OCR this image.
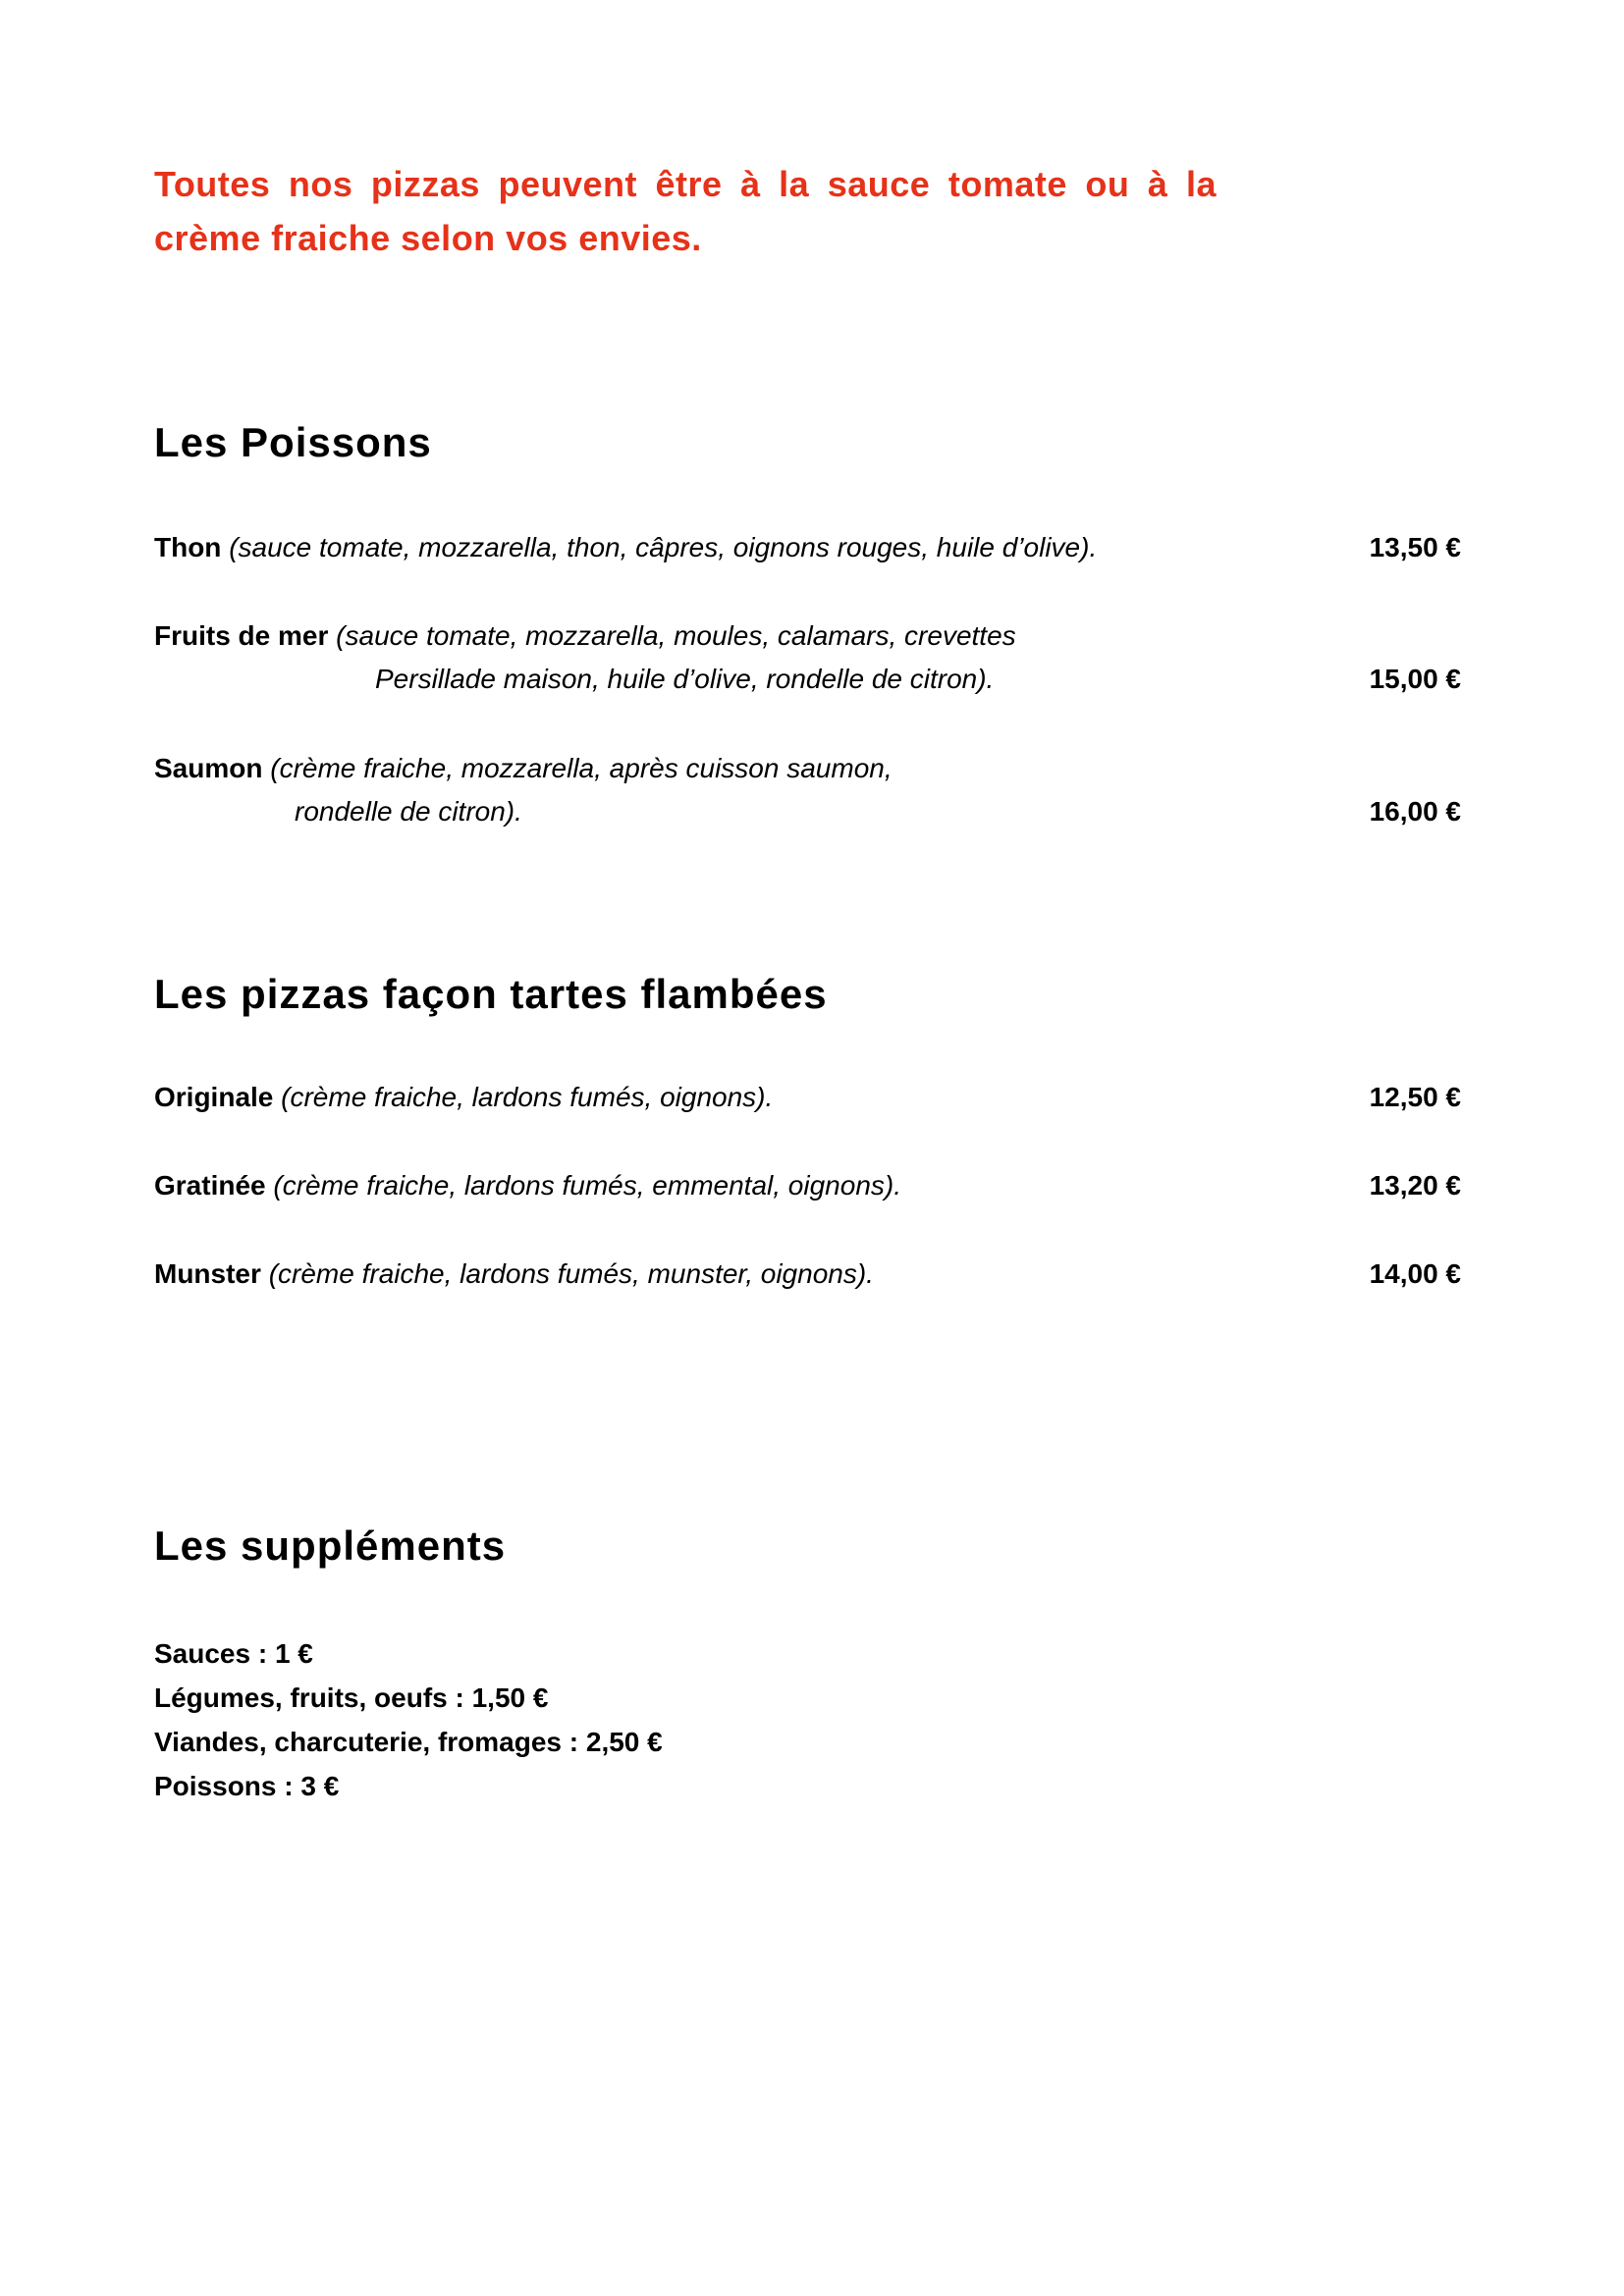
Toutes nos pizzas peuvent être à la sauce tomate ou à la crème fraiche selon vos envies.

Les Poissons
Thon (sauce tomate, mozzarella, thon, câpres, oignons rouges, huile d’olive).	13,50 €
Fruits de mer (sauce tomate, mozzarella, moules, calamars, crevettes
Persillade maison, huile d’olive, rondelle de citron).	15,00 €
Saumon (crème fraiche, mozzarella, après cuisson saumon,
rondelle de citron).	16,00 €
Les pizzas façon tartes flambées
Originale (crème fraiche, lardons fumés, oignons).	12,50 €
Gratinée (crème fraiche, lardons fumés, emmental, oignons).	13,20 €
Munster (crème fraiche, lardons fumés, munster, oignons).	14,00 €
Les suppléments
Sauces : 1 €
Légumes, fruits, oeufs : 1,50 €
Viandes, charcuterie, fromages : 2,50 €
Poissons : 3 €
